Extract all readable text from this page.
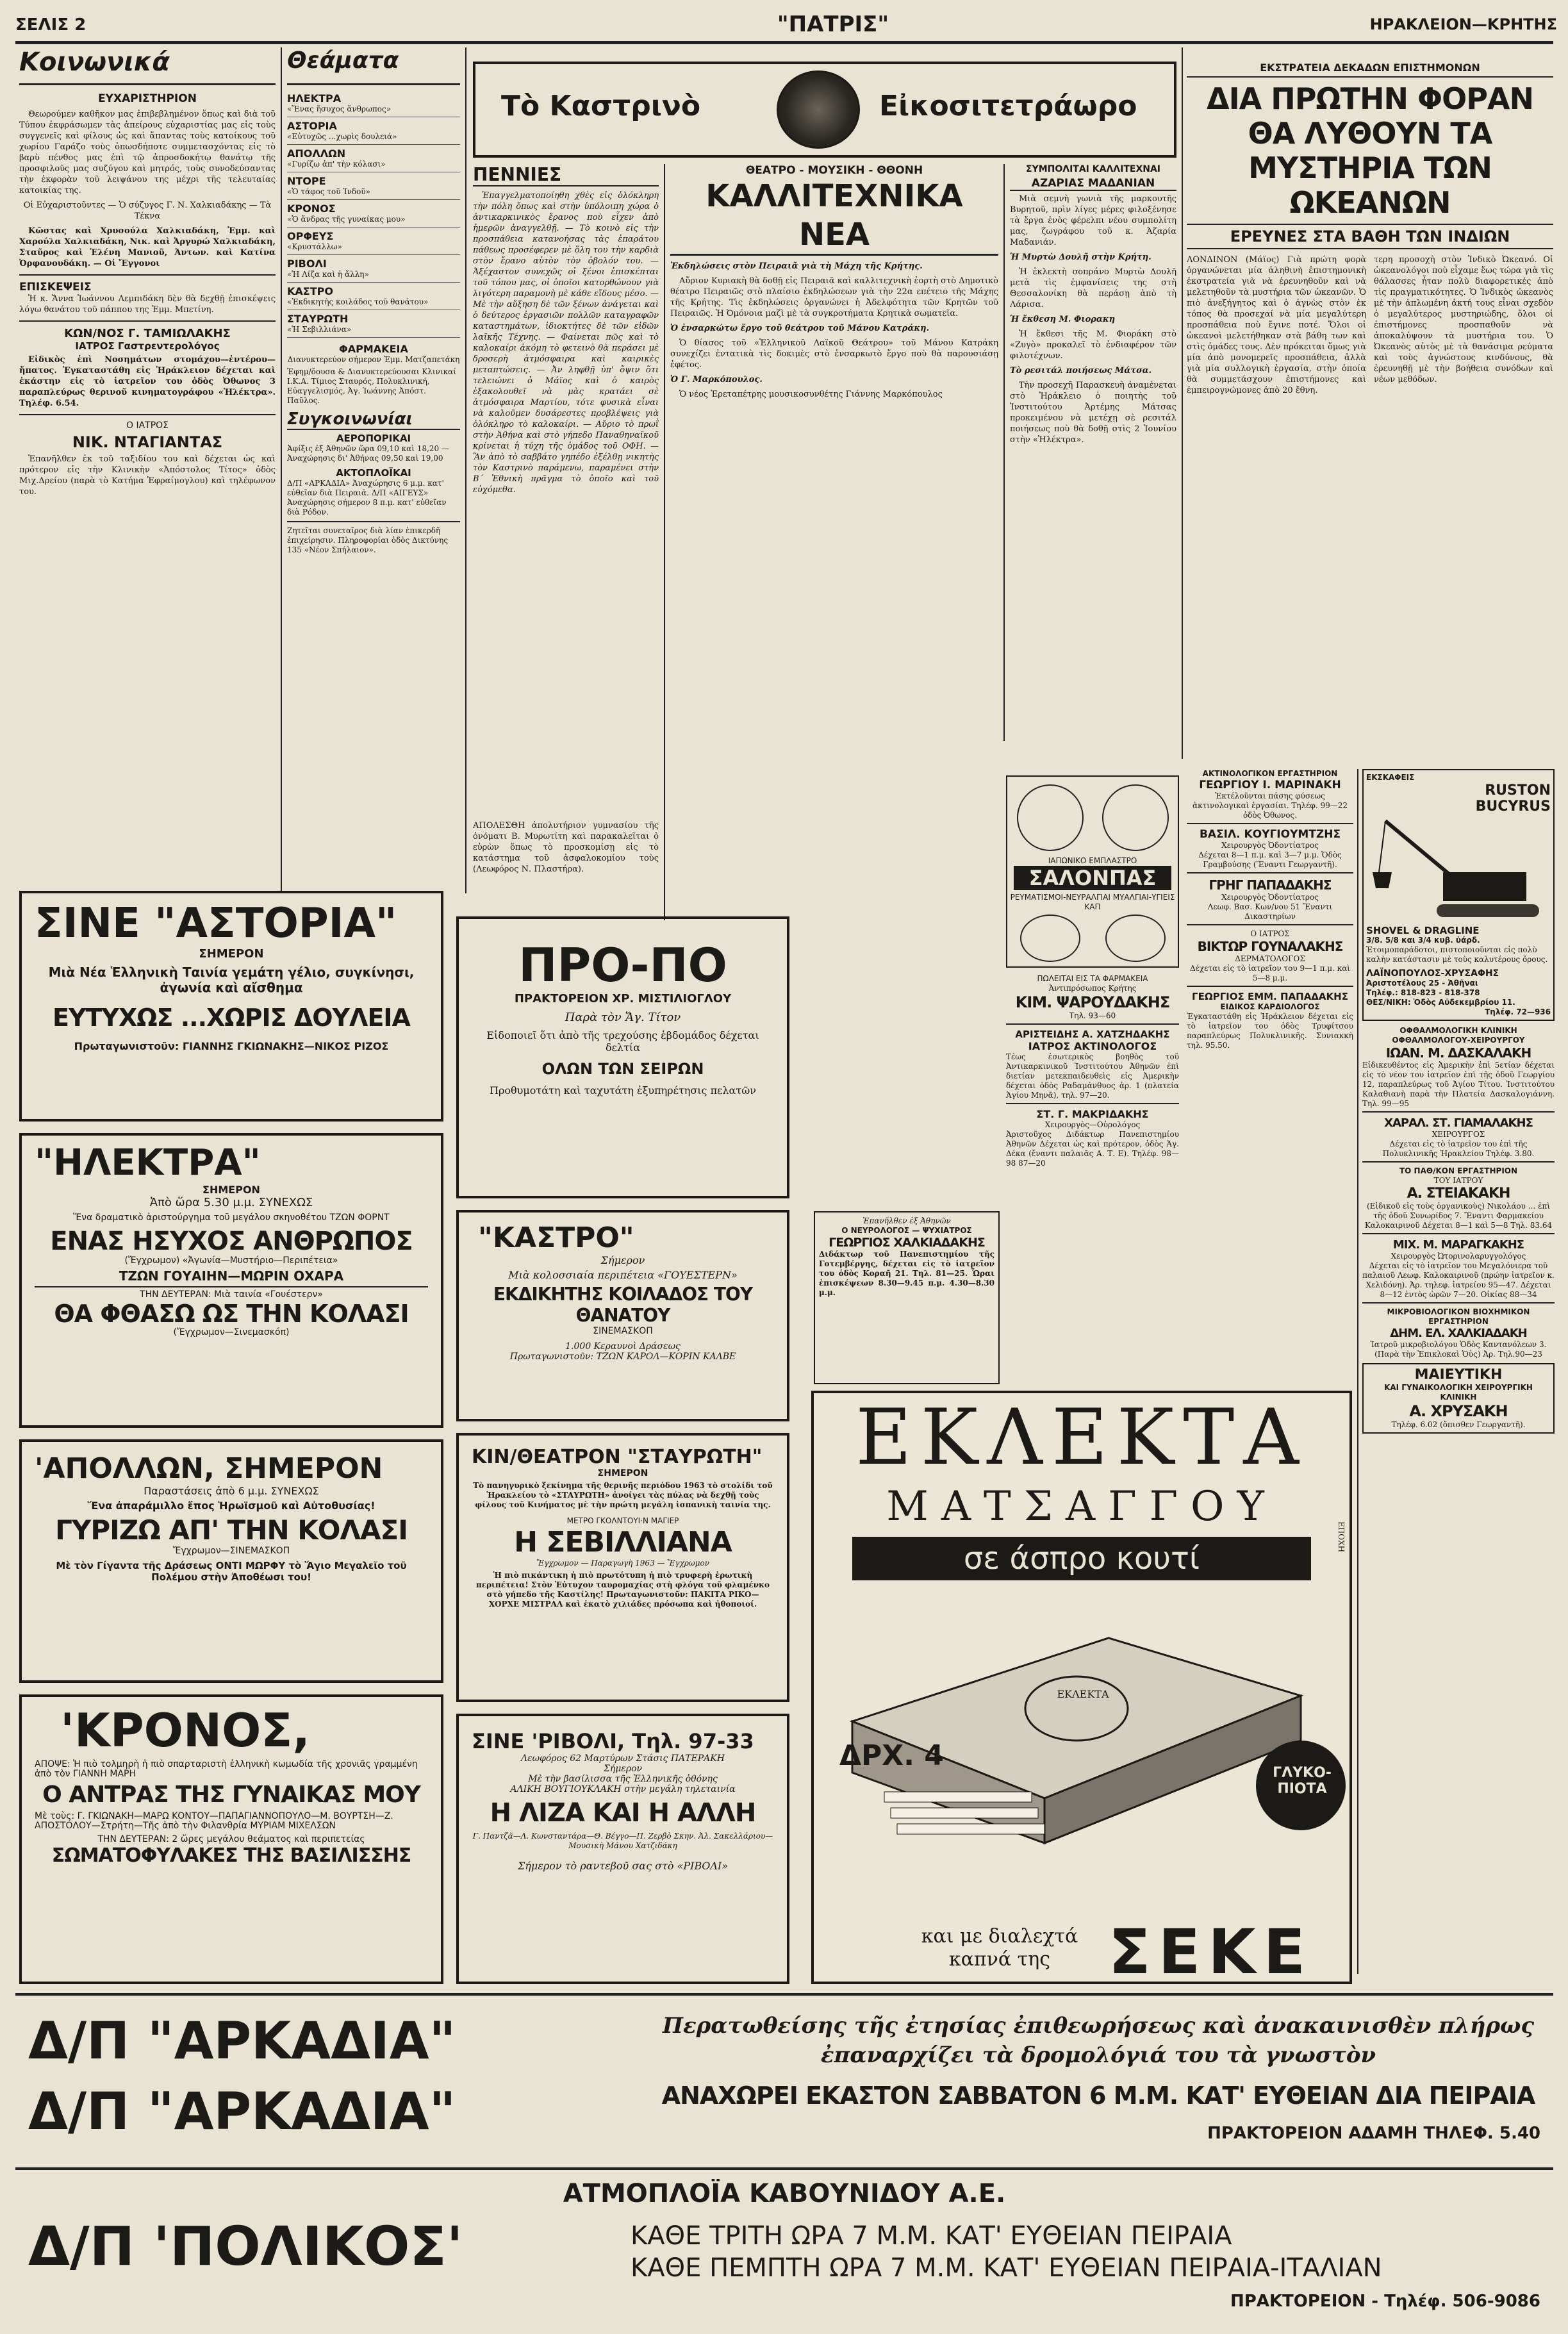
ΣΕΛΙΣ 2	"ΠΑΤΡΙΣ"	ΗΡΑΚΛΕΙΟΝ—ΚΡΗΤΗΣ
Κοινωνικά
ΕΥΧΑΡΙΣΤΗΡΙΟΝ

Θεωρούμεν καθῆκον μας ἐπιβεβλημένον ὅπως καὶ διὰ τοῦ Τύπου ἐκφράσωμεν τὰς ἀπείρους εὐχαριστίας μας εἰς τοὺς συγγενεῖς καὶ φίλους ὡς καὶ ἅπαντας τοὺς κατοίκους τοῦ χωρίου Γαράζο τοὺς ὁπωσδήποτε συμμετασχόντας εἰς τὸ βαρὺ πένθος μας ἐπὶ τῷ ἀπροσδοκήτῳ θανάτῳ τῆς προσφιλοῦς μας συζύγου καὶ μητρός, τοὺς συνοδεύσαντας τὴν ἐκφορὰν τοῦ λειψάνου της μέχρι τῆς τελευταίας κατοικίας της.

Οἱ Εὐχαριστοῦντες — Ὁ σύζυγος Γ. Ν. Χαλκιαδάκης — Τὰ Τέκνα

Κῶστας καὶ Χρυσούλα Χαλκιαδάκη, Ἐμμ. καὶ Χαρούλα Χαλκιαδάκη, Νικ. καὶ Ἀργυρώ Χαλκιαδάκη, Σταῦρος καὶ Ἑλένη Μανιοῦ, Ἀντων. καὶ Κατίνα Ὀρφανουδάκη. — Οἱ Ἔγγονοι

ΕΠΙΣΚΕΨΕΙΣ

Ἡ κ. Ἄννα Ἰωάννου Λεμπιδάκη δὲν θὰ δεχθῇ ἐπισκέψεις λόγω θανάτου τοῦ πάππου της Ἐμμ. Μπετίνη.

ΚΩΝ/ΝΟΣ Γ. ΤΑΜΙΩΛΑΚΗΣ
ΙΑΤΡΟΣ Γαστρεντερολόγος

Εἰδικὸς ἐπὶ Νοσημάτων στομάχου—ἐντέρου—ἥπατος. Ἐγκαταστάθη εἰς Ἡράκλειον δέχεται καὶ ἐκάστην εἰς τὸ ἰατρεῖον του ὁδὸς Ὀθωνος 3 παραπλεύρως θερινοῦ κινηματογράφου «Ἠλέκτρα». Τηλέφ. 6.54.

Ο ΙΑΤΡΟΣ
ΝΙΚ. ΝΤΑΓΙΑΝΤΑΣ

Ἐπανῆλθεν ἐκ τοῦ ταξιδίου του καὶ δέχεται ὡς καὶ πρότερον εἰς τὴν Κλινικὴν «Ἀπόστολος Τίτος» ὁδὸς Μιχ.Δρείου (παρὰ τὸ Κατήμα Ἐφραίμογλου) καὶ τηλέφωνον του.

Θεάματα
ΗΛΕΚΤΡΑ
«Ἕνας ἥσυχος ἄνθρωπος»
ΑΣΤΟΡΙΑ
«Εὐτυχῶς ...χωρὶς δουλειά»
ΑΠΟΛΛΩΝ
«Γυρίζω ἀπ' τὴν κόλασι»
ΝΤΟΡΕ
«Ὁ τάφος τοῦ Ἰνδοῦ»
ΚΡΟΝΟΣ
«Ὁ ἄνδρας τῆς γυναίκας μου»
ΟΡΦΕΥΣ
«Κρυστάλλω»
ΡΙΒΟΛΙ
«Ἡ Λίζα καὶ ἡ ἄλλη»
ΚΑΣΤΡΟ
«Ἐκδικητὴς κοιλάδος τοῦ θανάτου»
ΣΤΑΥΡΩΤΗ
«Ἡ Σεβιλλιάνα»
ΦΑΡΜΑΚΕΙΑ
Διανυκτερεύον σήμερον Ἐμμ. Ματζαπετάκη

Ἐφημ/ὄουσα & Διανυκτερεύουσαι Κλινικαί Ι.Κ.Α. Τίμιος Σταυρός, Πολυκλινική, Εὐαγγελισμός, Ἀγ. Ἰωάννης Ἀπόστ. Παῦλος.

Συγκοινωνίαι
ΑΕΡΟΠΟΡΙΚΑΙ

Ἀφίξις ἐξ Ἀθηνῶν ὥρα 09,10 καὶ 18,20 — Ἀναχώρησις δι' Ἀθήνας 09,50 καὶ 19,00

ΑΚΤΟΠΛΟΪΚΑΙ

Δ/Π «ΑΡΚΑΔΙΑ» Ἀναχώρησις 6 μ.μ. κατ' εὐθεῖαν διὰ Πειραιᾶ. Δ/Π «ΑΙΓΕΥΣ» Ἀναχώρησις σήμερον 8 π.μ. κατ' εὐθεῖαν διὰ Ρόδον.

Ζητεῖται συνεταῖρος διὰ λίαν ἐπικερδῆ ἐπιχείρησιν. Πληροφορίαι ὁδὸς Δικτύνης 135 «Νέον Σπήλαιον».

Τὸ Καστρινὸ	Εἰκοσιτετράωρο
ΠΕΝΝΙΕΣ

Ἐπαγγελματοποίηθη χθὲς εἰς ὁλόκληρη τὴν πόλη ὅπως καὶ στὴν ὑπόλοιπη χώρα ὁ ἀντικαρκινικὸς ἔρανος ποὺ εἶχεν ἀπὸ ἡμερῶν ἀναγγελθῇ. — Τὸ κοινὸ εἰς τὴν προσπάθεια κατανοήσας τὰς ἐπαράτου πάθεως προσέφερεν μὲ ὅλη του τὴν καρδιὰ στὸν ἔρανο αὐτὸν τὸν ὀβολόν του. — Ἀξέχαστον συνεχῶς οἱ ξένοι ἐπισκέπται τοῦ τόπου μας, οἱ ὁποῖοι κατορθώνουν γιὰ λιγότερη παραμονὴ μὲ κάθε εἴδους μέσο. — Μὲ τὴν αὔξηση δὲ τῶν ξένων ἀνάγεται καὶ ὁ δεύτερος ἐργασιῶν πολλῶν καταγραφῶν καταστημάτων, ἰδιοκτήτες δὲ τῶν εἰδῶν λαϊκῆς Τέχνης. — Φαίνεται πῶς καὶ τὸ καλοκαίρι ἀκόμη τὸ φετεινὸ θὰ περάσει μὲ δροσερὴ ἀτμόσφαιρα καὶ καιρικὲς μεταπτώσεις. — Ἀν ληφθῇ ὑπ' ὄψιν ὅτι τελειώνει ὁ Μάϊος καὶ ὁ καιρὸς ἐξακολουθεῖ νὰ μὰς κρατάει σὲ ἀτμόσφαιρα Μαρτίου, τότε φυσικὰ εἶναι νὰ καλοῦμεν δυσάρεστες προβλέψεις γιὰ ὁλόκληρο τὸ καλοκαίρι. — Αὔριο τὸ πρωῒ στὴν Ἀθήνα καὶ στὸ γήπεδο Παναθηναϊκοῦ κρίνεται ἡ τύχη τῆς ὁμάδος τοῦ ΟΦΗ. — Ἂν ἀπὸ τὸ σαββάτο γηπέδο ἐξέλθῃ νικητὴς τὸν Καστρινὸ παράμενω, παραμένει στὴν Β΄ Ἐθνικὴ πρᾶγμα τὸ ὁποῖο καὶ τοῦ εὐχόμεθα.

ΘΕΑΤΡΟ - ΜΟΥΣΙΚΗ - ΘΘΟΝΗ
ΚΑΛΛΙΤΕΧΝΙΚΑ ΝΕΑ

Ἐκδηλώσεις στὸν Πειραιᾶ γιὰ τὴ Μάχη τῆς Κρήτης.

Αὔριον Κυριακὴ θὰ δοθῇ εἰς Πειραιᾶ καὶ καλλιτεχνικὴ ἑορτὴ στὸ Δημοτικὸ θέατρο Πειραιῶς στὸ πλαίσιο ἐκδηλώσεων γιὰ τὴν 22α επέτειο τῆς Μάχης τῆς Κρήτης. Τὶς ἐκδηλώσεις ὀργανώνει ἡ Ἀδελφότητα τῶν Κρητῶν τοῦ Πειραιῶς. Ἡ Ὀμόνοια μαζὶ μὲ τὰ συγκροτήματα Κρητικὰ σωματεῖα.

Ὁ ἐνσαρκώτω ἔργο τοῦ θεάτρου τοῦ Μάνου Κατράκη.

Ὁ θίασος τοῦ «Ἑλληνικοῦ Λαϊκοῦ Θεάτρου» τοῦ Μάνου Κατράκη συνεχίζει ἐντατικὰ τὶς δοκιμὲς στὸ ἐνσαρκωτὸ ἔργο ποὺ θὰ παρουσιάσῃ ἐφέτος.

Ὁ Γ. Μαρκόπουλος.

Ὁ νέος Ἐρεταπέτρης μουσικοσυνθέτης Γιάννης Μαρκόπουλος

ΣΥΜΠΟΛΙΤΑΙ ΚΑΛΛΙΤΕΧΝΑΙ
ΑΖΑΡΙΑΣ ΜΑΔΑΝΙΑΝ

Μιὰ σεμνὴ γωνιὰ τῆς μαρκουτῆς Βυρητοῦ, πρὶν λίγες μέρες φιλοξένησε τὰ ἔργα ἑνὸς φέρελπι νέου συμπολίτη μας, ζωγράφου τοῦ κ. Ἀζαρία Μαδανιάν.

Ἡ Μυρτὼ Δουλῆ στὴν Κρήτη.

Ἡ ἐκλεκτὴ σοπράνο Μυρτὼ Δουλῆ μετὰ τὶς ἐμφανίσεις της στὴ Θεσσαλονίκη θὰ περάσῃ ἀπὸ τὴ Λάρισα.

Ἡ ἔκθεση Μ. Φιορακη

Ἡ ἔκθεσι τῆς Μ. Φιοράκη στὸ «Ζυγὸ» προκαλεῖ τὸ ἐνδιαφέρον τῶν φιλοτέχνων.

Τὸ ρεσιτάλ ποιήσεως Μάτσα.

Τὴν προσεχῆ Παρασκευὴ ἀναμένεται στὸ Ἡράκλειο ὁ ποιητὴς τοῦ Ἰνστιτούτου Ἀρτέμης Μάτσας προκειμένου νὰ μετέχῃ σὲ ρεσιτάλ ποιήσεως ποὺ θὰ δοθῇ στὶς 2 Ἰουνίου στὴν «Ἠλέκτρα».

ΑΠΟΛΕΣΘΗ ἀπολυτήριον γυμνασίου τῆς ὀνόματι Β. Μυρωτίτη καὶ παρακαλεῖται ὁ εὑρὼν ὅπως τὸ προσκομίσῃ εἰς τὸ κατάστημα τοῦ ἀσφαλοκομίου τοὺς (Λεωφόρος Ν. Πλαστήρα).
ΕΚΣΤΡΑΤΕΙΑ ΔΕΚΑΔΩΝ ΕΠΙΣΤΗΜΟΝΩΝ
ΔΙΑ ΠΡΩΤΗΝ ΦΟΡΑΝ ΘΑ ΛΥΘΟΥΝ ΤΑ ΜΥΣΤΗΡΙΑ ΤΩΝ ΩΚΕΑΝΩΝ
ΕΡΕΥΝΕΣ ΣΤΑ ΒΑΘΗ ΤΩΝ ΙΝΔΙΩΝ

ΛΟΝΔΙΝΟΝ (Μάϊος) Γιὰ πρώτη φορὰ ὀργανώνεται μία ἀληθινὴ ἐπιστημονικὴ ἐκστρατεία γιὰ νὰ ἐρευνηθοῦν καὶ νὰ μελετηθοῦν τὰ μυστήρια τῶν ὠκεανῶν. Ὁ πιὸ ἀνεξήγητος καὶ ὁ ἀγνὼς στὸν ἐκ τόπος θὰ προσεχαί νὰ μία μεγαλύτερη προσπάθεια ποὺ ἔγινε ποτέ. Ὅλοι οἱ ὠκεανοὶ μελετήθηκαν στὰ βάθη των καὶ στὶς ὁμάδες τους. Δὲν πρόκειται ὅμως γιὰ μία ἀπὸ μονομερεῖς προσπάθεια, ἀλλὰ γιὰ μία συλλογικὴ ἐργασία, στὴν ὁποία θὰ συμμετάσχουν ἐπιστήμονες καὶ ἐμπειρογνώμονες ἀπὸ 20 ἔθνη.

τερη προσοχὴ στὸν Ἰνδικὸ Ὠκεανό. Οἱ ὠκεανολόγοι ποὺ εἶχαμε ἕως τώρα γιὰ τὶς θάλασσες ἦταν πολὺ διαφορετικές ἀπὸ τὶς πραγματικότητες. Ὁ Ἰνδικὸς ὠκεανὸς μὲ τὴν ἁπλωμένη ἀκτή τους εἶναι σχεδὸν ὁ μεγαλύτερος μυστηριώδης, ὅλοι οἱ ἐπιστήμονες προσπαθοῦν νὰ ἀποκαλύψουν τὰ μυστήρια του. Ὁ Ὠκεανὸς αὐτὸς μὲ τὰ θανάσιμα ρεύματα καὶ τοὺς ἀγνώστους κινδύνους, θὰ ἐρευνηθῇ μὲ τὴν βοήθεια συνόδων καὶ νέων μεθόδων.

ΙΑΠΩΝΙΚΟ ΕΜΠΛΑΣΤΡΟ
ΣΑΛΟΝΠΑΣ
ΡΕΥΜΑΤΙΣΜΟΙ-ΝΕΥΡΑΛΓΙΑΙ ΜΥΑΛΓΙΑΙ-ΥΓΙΕΙΣ ΚΑΠ
ΠΩΛΕΙΤΑΙ ΕΙΣ ΤΑ ΦΑΡΜΑΚΕΙΑ
Ἀντιπρόσωπος Κρήτης
ΚΙΜ. ΨΑΡΟΥΔΑΚΗΣ
Τηλ. 93—60
ΑΡΙΣΤΕΙΔΗΣ Α. ΧΑΤΖΗΔΑΚΗΣ
ΙΑΤΡΟΣ ΑΚΤΙΝΟΛΟΓΟΣ

Τέως ἐσωτερικὸς βοηθὸς τοῦ Ἀντικαρκινικοῦ Ἰνστιτούτου Ἀθηνῶν ἐπὶ διετίαν μετεκπαιδευθεὶς εἰς Ἀμερικὴν δέχεται ὁδὸς Ραδαμάνθυος ἀρ. 1 (πλατεία Ἁγίου Μηνᾶ), τηλ. 97—20.

ΣΤ. Γ. ΜΑΚΡΙΔΑΚΗΣ
Χειρουργὸς—Οὐρολόγος

Ἀριστοῦχος Διδάκτωρ Πανεπιστημίου Ἀθηνῶν Δέχεται ὡς καὶ πρότερον, ὁδὸς Ἀγ. Δέκα (ἔναντι παλαιᾶς Α. Τ. Ε). Τηλέφ. 98—98 87—20

ΑΚΤΙΝΟΛΟΓΙΚΟΝ ΕΡΓΑΣΤΗΡΙΟΝ
ΓΕΩΡΓΙΟΥ Ι. ΜΑΡΙΝΑΚΗ

Ἐκτέλοῦνται πάσης φύσεως ἀκτινολογικαὶ ἐργασίαι. Τηλέφ. 99—22 ὁδὸς Ὀθωνος.

ΒΑΣΙΛ. ΚΟΥΓΙΟΥΜΤΖΗΣ
Χειρουργὸς Ὀδοντίατρος

Δέχεται 8—1 π.μ. καὶ 3—7 μ.μ. Ὁδὸς Γραμβούσης (Ἔναντι Γεωργαντῆ).

ΓΡΗΓ ΠΑΠΑΔΑΚΗΣ
Χειρουργὸς Ὀδοντίατρος

Λεωφ. Βασ. Κων/νου 51 Ἔναντι Δικαστηρίων

Ο ΙΑΤΡΟΣ
ΒΙΚΤΩΡ ΓΟΥΝΑΛΑΚΗΣ
ΔΕΡΜΑΤΟΛΟΓΟΣ

Δέχεται εἰς τὸ ἰατρεῖον του 9—1 π.μ. καὶ 5—8 μ.μ.

ΓΕΩΡΓΙΟΣ ΕΜΜ. ΠΑΠΑΔΑΚΗΣ
ΕΙΔΙΚΟΣ ΚΑΡΔΙΟΛΟΓΟΣ

Ἐγκαταστάθη εἰς Ἡράκλειον δέχεται εἰς τὸ ἰατρεῖον του ὁδὸς Τρυφίτσου παραπλεύρως Πολυκλινικῆς. Συνιακκὴ τηλ. 95.50.

ΕΚΣΚΑΦΕΙΣ
RUSTON
BUCYRUS
SHOVEL & DRAGLINE
3/8. 5/8 και 3/4 κυβ. ὑάρδ.

Ἑτοιμοπαράδοτοι, πιστοποιοῦνται εἰς πολὺ καλὴν κατάστασιν μὲ τοὺς καλυτέρους ὅρους.

ΛΑΪΝΟΠΟΥΛΟΣ-ΧΡΥΣΑΦΗΣ
Ἀριστοτέλους 25 - Ἀθῆναι
Τηλέφ.: 818-823 - 818-378
ΘΕΣ/ΝΙΚΗ: Ὁδὸς Αὐδεκεμβρίου 11.
Τηλέφ. 72—936
ΟΦΘΑΛΜΟΛΟΓΙΚΗ ΚΛΙΝΙΚΗ ΟΦΘΑΛΜΟΛΟΓΟΥ-ΧΕΙΡΟΥΡΓΟΥ
ΙΩΑΝ. Μ. ΔΑΣΚΑΛΑΚΗ

Εἰδικευθέντος εἰς Ἀμερικὴν ἐπὶ 5ετίαν δέχεται εἰς τὸ νέον του ἰατρεῖον ἐπὶ τῆς ὁδοῦ Γεωργίου 12, παραπλεύρως τοῦ Ἀγίου Τίτου. Ἰνστιτούτου Καλαθιανὴ παρὰ τὴν Πλατεία Δασκαλογιάννη. Τηλ. 99—95

ΧΑΡΑΛ. ΣΤ. ΓΙΑΜΑΛΑΚΗΣ
ΧΕΙΡΟΥΡΓΟΣ

Δέχεται εἰς τὸ ἰατρεῖον του ἐπὶ τῆς Πολυκλινικῆς Ἡρακλείου Τηλέφ. 3.80.

ΤΟ ΠΑΘ/ΚΟΝ ΕΡΓΑΣΤΗΡΙΟΝ
ΤΟΥ ΙΑΤΡΟΥ
Α. ΣΤΕΙΑΚΑΚΗ

(Εἰδικοῦ εἰς τοὺς ὀργανικοὺς) Νικολάου ... ἐπὶ τῆς ὁδοῦ Συνωρίδος 7. Ἔναντι Φαρμακείου Καλοκαιρινοῦ Δέχεται 8—1 καὶ 5—8 Τηλ. 83.64

ΜΙΧ. Μ. ΜΑΡΑΓΚΑΚΗΣ
Χειρουργὸς Ὠτορινολαρυγγολόγος

Δέχεται εἰς τὸ ἰατρεῖον του Μεγαλόνιερα τοῦ παλαιοῦ Λεωφ. Καλοκαιρινοῦ (πρώην ἰατρεῖον κ. Χελιδόνη). Ἀρ. τηλεφ. ἰατρείου 95—47. Δέχεται 8—12 ἐντὸς ὡρῶν 7—20. Οἰκίας 88—34

ΜΙΚΡΟΒΙΟΛΟΓΙΚΟΝ ΒΙΟΧΗΜΙΚΟΝ ΕΡΓΑΣΤΗΡΙΟΝ
ΔΗΜ. ΕΛ. ΧΑΛΚΙΑΔΑΚΗ

Ἰατροῦ μικροβιολόγου Ὁδὸς Καντανόλεων 3. (Παρὰ τὴν Ἐπικλοκαὶ Ὁὐς) Ἀρ. Τηλ.90—23

ΜΑΙΕΥΤΙΚΗ
ΚΑΙ ΓΥΝΑΙΚΟΛΟΓΙΚΗ ΧΕΙΡΟΥΡΓΙΚΗ ΚΛΙΝΙΚΗ
Α. ΧΡΥΣΑΚΗ
Τηλέφ. 6.02 (ὄπισθεν Γεωργαντῆ).
ΣΙΝΕ "ΑΣΤΟΡΙΑ"
ΣΗΜΕΡΟΝ
Μιὰ Νέα Ἑλληνικὴ Ταινία γεμάτη γέλιο, συγκίνησι, ἀγωνία καὶ αἴσθημα
ΕΥΤΥΧΩΣ ...ΧΩΡΙΣ ΔΟΥΛΕΙΑ
Πρωταγωνιστοῦν: ΓΙΑΝΝΗΣ ΓΚΙΩΝΑΚΗΣ—ΝΙΚΟΣ ΡΙΖΟΣ
"ΗΛΕΚΤΡΑ"
ΣΗΜΕΡΟΝ
Ἀπὸ ὥρα 5.30 μ.μ. ΣΥΝΕΧΩΣ
Ἕνα δραματικὸ ἀριστούργημα τοῦ μεγάλου σκηνοθέτου ΤΖΩΝ ΦΟΡΝΤ
ΕΝΑΣ ΗΣΥΧΟΣ ΑΝΘΡΩΠΟΣ
(Ἔγχρωμον) «Ἀγωνία—Μυστήριο—Περιπέτεια»
ΤΖΩΝ ΓΟΥΑΙΗΝ—ΜΩΡΙΝ ΟΧΑΡΑ
ΤΗΝ ΔΕΥΤΕΡΑΝ: Μιὰ ταινία «Γουέστερν»
ΘΑ ΦΘΑΣΩ ΩΣ ΤΗΝ ΚΟΛΑΣΙ
(Ἔγχρωμον—Σινεμασκόπ)
'ΑΠΟΛΛΩΝ, ΣΗΜΕΡΟΝ
Παραστάσεις ἀπὸ 6 μ.μ. ΣΥΝΕΧΩΣ
Ἕνα ἀπαράμιλλο ἔπος Ἡρωϊσμοῦ καὶ Αὐτοθυσίας!
ΓΥΡΙΖΩ ΑΠ' ΤΗΝ ΚΟΛΑΣΙ
Ἔγχρωμον—ΣΙΝΕΜΑΣΚΟΠ
Μὲ τὸν Γίγαντα τῆς Δράσεως ΟΝΤΙ ΜΩΡΦΥ τὸ Ἅγιο Μεγαλεῖο τοῦ Πολέμου στὴν Ἀποθέωσι του!
'ΚΡΟΝΟΣ,
ΑΠΟΨΕ: Ἡ πιὸ τολμηρὴ ἡ πιὸ σπαρταριστὴ ἑλληνικὴ κωμωδία τῆς χρονιᾶς γραμμένη ἀπὸ τὸν ΓΙΑΝΝΗ ΜΑΡΗ
Ο ΑΝΤΡΑΣ ΤΗΣ ΓΥΝΑΙΚΑΣ ΜΟΥ
Μὲ τοὺς: Γ. ΓΚΙΩΝΑΚΗ—ΜΑΡΩ ΚΟΝΤΟΥ—ΠΑΠΑΓΙΑΝΝΟΠΟΥΛΟ—Μ. ΒΟΥΡΤΣΗ—Ζ. ΑΠΟΣΤΟΛΟΥ—Στρήτη—Τῆς ἀπὸ τὴν Φιλανθρία ΜΥΡΙΑΜ ΜΙΧΕΛΣΩΝ
ΤΗΝ ΔΕΥΤΕΡΑΝ: 2 ὥρες μεγάλου θεάματος καὶ περιπετείας
ΣΩΜΑΤΟΦΥΛΑΚΕΣ ΤΗΣ ΒΑΣΙΛΙΣΣΗΣ
ΠΡΟ-ΠΟ
ΠΡΑΚΤΟΡΕΙΟΝ ΧΡ. ΜΙΣΤΙΛΙΟΓΛΟΥ
Παρὰ τὸν Ἅγ. Τίτον
Εἰδοποιεῖ ὅτι ἀπὸ τῆς τρεχούσης ἑβδομάδος δέχεται δελτία
ΟΛΩΝ ΤΩΝ ΣΕΙΡΩΝ
Προθυμοτάτη καὶ ταχυτάτη ἐξυπηρέτησις πελατῶν
"ΚΑΣΤΡΟ"
Σήμερον
Μιὰ κολοσσιαία περιπέτεια «ΓΟΥΕΣΤΕΡΝ»
ΕΚΔΙΚΗΤΗΣ ΚΟΙΛΑΔΟΣ ΤΟΥ ΘΑΝΑΤΟΥ
ΣΙΝΕΜΑΣΚΟΠ
1.000 Κεραυνοὶ Δράσεως
Πρωταγωνιστοῦν: ΤΖΩΝ ΚΑΡΟΛ—ΚΟΡΙΝ ΚΑΛΒΕ
ΚΙΝ/ΘΕΑΤΡΟΝ "ΣΤΑΥΡΩΤΗ"
ΣΗΜΕΡΟΝ

Τὸ πανηγυρικὸ ξεκίνημα τῆς θερινῆς περιόδου 1963 τὸ στολίδι τοῦ Ἡρακλείου τὸ «ΣΤΑΥΡΩΤΗ» ἀνοίγει τὰς πύλας νὰ δεχθῇ τοὺς φίλους τοῦ Κινήματος μὲ τὴν πρώτη μεγάλη ἰσπανικὴ ταινία της.

ΜΕΤΡΟ ΓΚΟΛΝΤΟΥΙ·Ν ΜΑΓΙΕΡ
Η ΣΕΒΙΛΛΙΑΝΑ
Ἔγχρωμον — Παραγωγὴ 1963 — Ἔγχρωμον

Ἡ πιὸ πικάντικη ἡ πιὸ πρωτότυπη ἡ πιὸ τρυφερὴ ἐρωτικὴ περιπέτεια! Στὸν Ἐὐτυχον ταυρομαχίας στὴ φλόγα τοῦ φλαμένκο στὸ γήπεδο τῆς Καστίλης! Πρωταγωνιστοῦν: ΠΑΚΙΤΑ ΡΙΚΟ—ΧΟΡΧΕ ΜΙΣΤΡΑΛ καὶ ἑκατὸ χιλιάδες πρόσωπα καὶ ἠθοποιοί.

ΣΙΝΕ 'ΡΙΒΟΛΙ, Τηλ. 97-33
Λεωφόρος 62 Μαρτύρων Στάσις ΠΑΤΕΡΑΚΗ
Σήμερον
Μὲ τὴν βασίλισσα τῆς Ἑλληνικῆς ὀθόνης
ΑΛΙΚΗ ΒΟΥΓΙΟΥΚΛΑΚΗ στὴν μεγάλη τηλεταινία
Η ΛΙΖΑ ΚΑΙ Η ΑΛΛΗ
Γ. Παντζᾶ—Λ. Κωνσταντάρα—Θ. Βέγγο—Π. Ζερβὸ Σκην. Ἀλ. Σακελλάριου—Μουσικὴ Μάνου Χατζιδάκη
Σήμερον τὸ ραντεβοῦ σας στὸ «ΡΙΒΟΛΙ»
Ἐπανῆλθεν ἐξ Ἀθηνῶν
Ο ΝΕΥΡΟΛΟΓΟΣ — ΨΥΧΙΑΤΡΟΣ
ΓΕΩΡΓΙΟΣ ΧΑΛΚΙΑΔΑΚΗΣ

Διδάκτωρ τοῦ Πανεπιστημίου τῆς Γοτεμβέργης, δέχεται εἰς τὸ ἰατρεῖον του ὁδὸς Κοραῆ 21. Τηλ. 81—25. Ὧραι ἐπισκέψεων 8.30—9.45 π.μ. 4.30—8.30 μ.μ.

ΕΚΛΕΚΤΑ
ΜΑΤΣΑΓΓΟΥ
σε άσπρο κουτί
ΕΚΛΕΚΤΑ
ΔΡΧ. 4
ΓΛΥΚΟ-ΠΙΟΤΑ
ΕΠΟΧΗ
και με διαλεχτά καπνά της ΣΕΚΕ
Δ/Π "ΑΡΚΑΔΙΑ"
Δ/Π "ΑΡΚΑΔΙΑ"
Περατωθείσης τῆς ἐτησίας ἐπιθεωρήσεως καὶ ἀνακαινισθὲν πλήρως ἐπαναρχίζει τὰ δρομολόγιά του τὰ γνωστὸν
ΑΝΑΧΩΡΕΙ ΕΚΑΣΤΟΝ ΣΑΒΒΑΤΟΝ 6 Μ.Μ. ΚΑΤ' ΕΥΘΕΙΑΝ ΔΙΑ ΠΕΙΡΑΙΑ
ΠΡΑΚΤΟΡΕΙΟΝ ΑΔΑΜΗ ΤΗΛΕΦ. 5.40
ΑΤΜΟΠΛΟΪΑ ΚΑΒΟΥΝΙΔΟΥ Α.Ε.
Δ/Π 'ΠΟΛΙΚΟΣ'	ΚΑΘΕ ΤΡΙΤΗ ΩΡΑ 7 Μ.Μ. ΚΑΤ' ΕΥΘΕΙΑΝ ΠΕΙΡΑΙΑ
ΚΑΘΕ ΠΕΜΠΤΗ ΩΡΑ 7 Μ.Μ. ΚΑΤ' ΕΥΘΕΙΑΝ ΠΕΙΡΑΙΑ-ΙΤΑΛΙΑΝ
ΠΡΑΚΤΟΡΕΙΟΝ - Τηλέφ. 506-9086
